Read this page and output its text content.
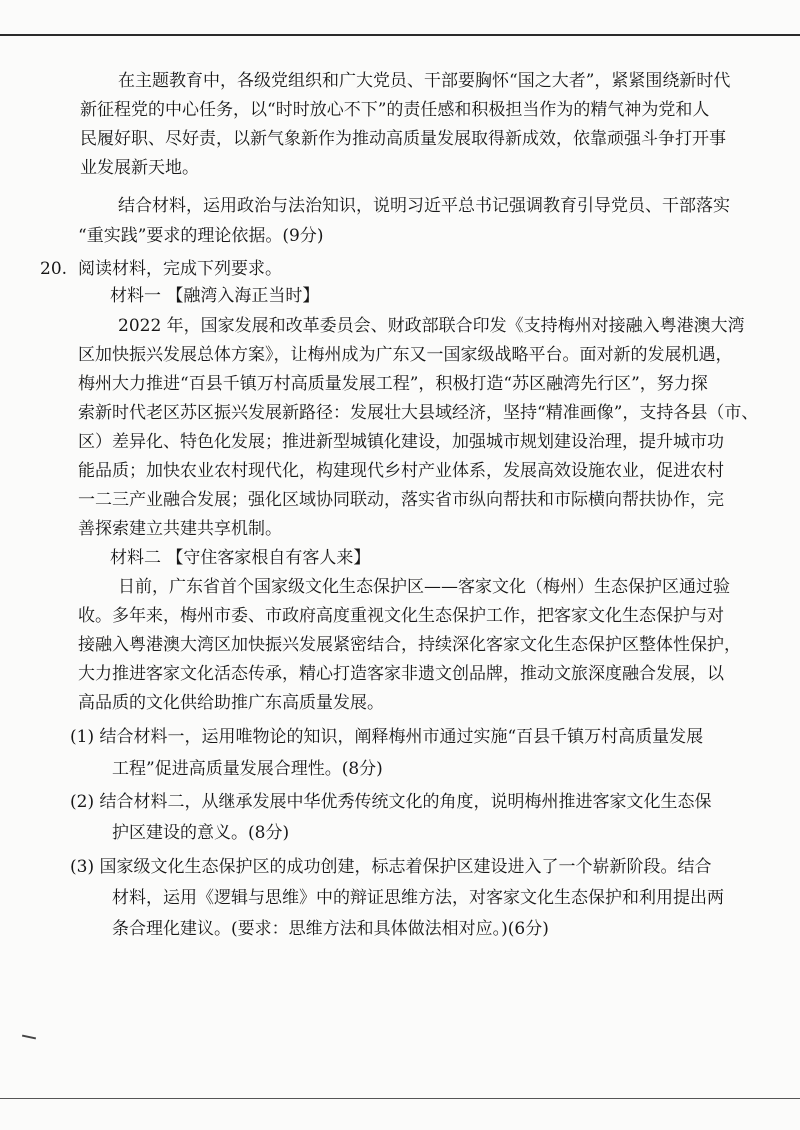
在主题教育中，各级党组织和广大党员、干部要胸怀“国之大者”，紧紧围绕新时代
新征程党的中心任务，以“时时放心不下”的责任感和积极担当作为的精气神为党和人
民履好职、尽好责，以新气象新作为推动高质量发展取得新成效，依靠顽强斗争打开事
业发展新天地。
结合材料，运用政治与法治知识，说明习近平总书记强调教育引导党员、干部落实
“重实践”要求的理论依据。(9分)
20. 阅读材料，完成下列要求。
材料一 【融湾入海正当时】
2022 年，国家发展和改革委员会、财政部联合印发《支持梅州对接融入粤港澳大湾
区加快振兴发展总体方案》，让梅州成为广东又一国家级战略平台。面对新的发展机遇，
梅州大力推进“百县千镇万村高质量发展工程”，积极打造“苏区融湾先行区”，努力探
索新时代老区苏区振兴发展新路径：发展壮大县域经济，坚持“精准画像”，支持各县（市、
区）差异化、特色化发展；推进新型城镇化建设，加强城市规划建设治理，提升城市功
能品质；加快农业农村现代化，构建现代乡村产业体系，发展高效设施农业，促进农村
一二三产业融合发展；强化区域协同联动，落实省市纵向帮扶和市际横向帮扶协作，完
善探索建立共建共享机制。
材料二 【守住客家根自有客人来】
日前，广东省首个国家级文化生态保护区——客家文化（梅州）生态保护区通过验
收。多年来，梅州市委、市政府高度重视文化生态保护工作，把客家文化生态保护与对
接融入粤港澳大湾区加快振兴发展紧密结合，持续深化客家文化生态保护区整体性保护，
大力推进客家文化活态传承，精心打造客家非遗文创品牌，推动文旅深度融合发展，以
高品质的文化供给助推广东高质量发展。
(1) 结合材料一，运用唯物论的知识，阐释梅州市通过实施“百县千镇万村高质量发展
工程”促进高质量发展合理性。(8分)
(2) 结合材料二，从继承发展中华优秀传统文化的角度，说明梅州推进客家文化生态保
护区建设的意义。(8分)
(3) 国家级文化生态保护区的成功创建，标志着保护区建设进入了一个崭新阶段。结合
材料，运用《逻辑与思维》中的辩证思维方法，对客家文化生态保护和利用提出两
条合理化建议。(要求：思维方法和具体做法相对应。)(6分)
